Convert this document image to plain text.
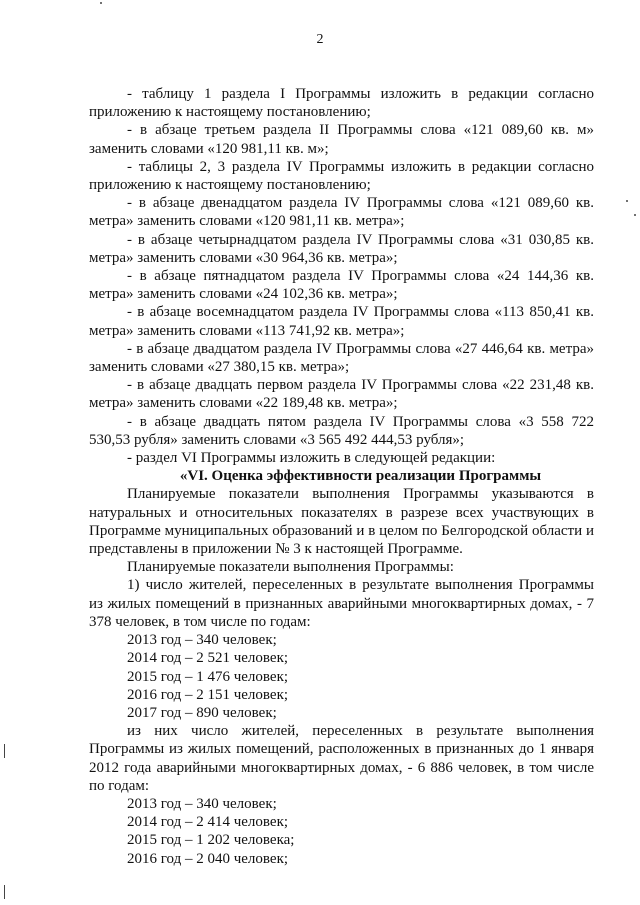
2

- таблицу 1 раздела I Программы изложить в редакции согласно приложению к настоящему постановлению;

- в абзаце третьем раздела II Программы слова «121 089,60 кв. м» заменить словами «120 981,11 кв. м»;

- таблицы 2, 3 раздела IV Программы изложить в редакции согласно приложению к настоящему постановлению;

- в абзаце двенадцатом раздела IV Программы слова «121 089,60 кв. метра» заменить словами «120 981,11 кв. метра»;

- в абзаце четырнадцатом раздела IV Программы слова «31 030,85 кв. метра» заменить словами «30 964,36 кв. метра»;

- в абзаце пятнадцатом раздела IV Программы слова «24 144,36 кв. метра» заменить словами «24 102,36 кв. метра»;

- в абзаце восемнадцатом раздела IV Программы слова «113 850,41 кв. метра» заменить словами «113 741,92 кв. метра»;

- в абзаце двадцатом раздела IV Программы слова «27 446,64 кв. метра» заменить словами «27 380,15 кв. метра»;

- в абзаце двадцать первом раздела IV Программы слова «22 231,48 кв. метра» заменить словами «22 189,48 кв. метра»;

- в абзаце двадцать пятом раздела IV Программы слова «3 558 722 530,53 рубля» заменить словами «3 565 492 444,53 рубля»;

- раздел VI Программы изложить в следующей редакции:

«VI. Оценка эффективности реализации Программы

Планируемые показатели выполнения Программы указываются в натуральных и относительных показателях в разрезе всех участвующих в Программе муниципальных образований и в целом по Белгородской области и представлены в приложении № 3 к настоящей Программе.

Планируемые показатели выполнения Программы:

1) число жителей, переселенных в результате выполнения Программы из жилых помещений в признанных аварийными многоквартирных домах, - 7 378 человек, в том числе по годам:

2013 год – 340 человек;

2014 год – 2 521 человек;

2015 год – 1 476 человек;

2016 год – 2 151 человек;

2017 год – 890 человек;

из них число жителей, переселенных в результате выполнения Программы из жилых помещений, расположенных в признанных до 1 января 2012 года аварийными многоквартирных домах, - 6 886 человек, в том числе по годам:

2013 год – 340 человек;

2014 год – 2 414 человек;

2015 год – 1 202 человека;

2016 год – 2 040 человек;
